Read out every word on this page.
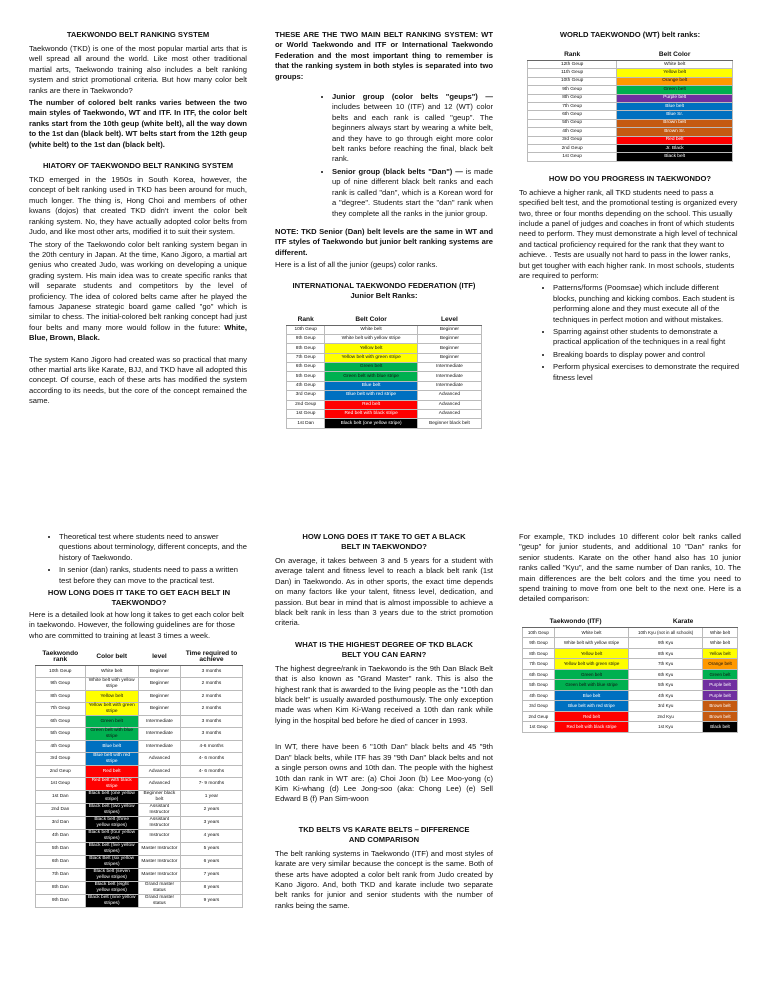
TAEKWONDO BELT RANKING SYSTEM

Taekwondo (TKD) is one of the most popular martial arts that is well spread all around the world. Like most other traditional martial arts, Taekwondo training also includes a belt ranking system and strict promotional criteria. But how many color belt ranks are there in Taekwondo?

The number of colored belt ranks varies between the two main styles of Taekwondo, WT and ITF. In ITF, the color belt ranks start from the 10th geup (white belt), all the way down to the 1st dan (black belt). WT belts start from the 12th geup (white belt) to the 1st dan (black belt).

HIATORY OF TAEKWONDO BELT RANKING SYSTEM

TKD emerged in the 1950s in South Korea, however, the concept of belt ranking used in TKD has been around for much, much longer. The thing is, Hong Choi and members of other kwans (dojos) that created TKD didn't invent the color belt ranking system. No, they have actually adopted color belts from Judo, and like most other arts, modified it to suit their system.

The story of the Taekwondo color belt ranking system began in the 20th century in Japan. At the time, Kano Jigoro, a martial art genius who created Judo, was working on developing a unique grading system. His main idea was to create specific ranks that will separate students and competitors by the level of proficiency. The idea of colored belts came after he played the famous Japanese strategic board game called "go" which is similar to chess. The initial-colored belt ranking concept had just four belts and many more would follow in the future: White, Blue, Brown, Black.

The system Kano Jigoro had created was so practical that many other martial arts like Karate, BJJ, and TKD have all adopted this concept. Of course, each of these arts has modified the system according to its needs, but the core of the concept remained the same.

THESE ARE THE TWO MAIN BELT RANKING SYSTEM: WT or World Taekwondo and ITF or International Taekwondo Federation and the most important thing to remember is that the ranking system in both styles is separated into two groups:

• Junior group (color belts "geups") — includes between 10 (ITF) and 12 (WT) color belts and each rank is called "geup". The beginners always start by wearing a white belt, and they have to go through eight more color belt ranks before reaching the final, black belt rank.
• Senior group (black belts "Dan") — is made up of nine different black belt ranks and each rank is called "dan", which is a Korean word for a "degree". Students start the "dan" rank when they complete all the ranks in the junior group.

NOTE: TKD Senior (Dan) belt levels are the same in WT and ITF styles of Taekwondo but junior belt ranking systems are different.

Here is a list of all the junior (geups) color ranks.

INTERNATIONAL TAEKWONDO FEDERATION (ITF) Junior Belt Ranks:
Rank	Belt Color	Level
10th Geup	White belt	Beginner
9th Geup	White belt with yellow stripe	Beginner
8th Geup	Yellow belt	Beginner
7th Geup	Yellow belt with green stripe	Beginner
6th Geup	Green belt	Intermediate
5th Geup	Green belt with blue stripe	Intermediate
4th Geup	Blue belt	Intermediate
3rd Geup	Blue belt with red stripe	Advanced
2nd Geup	Red belt	Advanced
1st Geup	Red belt with black stripe	Advanced
1st Dan	Black belt (one yellow stripe)	Beginner black belt
WORLD TAEKWONDO (WT) belt ranks:
Rank	Belt Color
12th Geup	White belt
11th Geup	Yellow belt
10th Geup	Orange belt
9th Geup	Green belt
8th Geup	Purple belt
7th Geup	Blue belt
6th Geup	Blue Sr.
5th Geup	Brown belt
4th Geup	Brown Sr.
3rd Geup	Red belt
2nd Geup	Jr. Black
1st Geup	Black belt
HOW DO YOU PROGRESS IN TAEKWONDO?

To achieve a higher rank, all TKD students need to pass a specified belt test, and the promotional testing is organized every two, three or four months depending on the school. This usually include a panel of judges and coaches in front of which students need to perform. They must demonstrate a high level of technical and tactical proficiency required for the rank that they want to achieve. . Tests are usually not hard to pass in the lower ranks, but get tougher with each higher rank. In most schools, students are required to perform:

• Patterns/forms (Poomsae) which include different blocks, punching and kicking combos. Each student is performing alone and they must execute all of the techniques in perfect motion and without mistakes.
• Sparring against other students to demonstrate a practical application of the techniques in a real fight
• Breaking boards to display power and control
• Perform physical exercises to demonstrate the required fitness level
• Theoretical test where students need to answer questions about terminology, different concepts, and the history of Taekwondo.
• In senior (dan) ranks, students need to pass a written test before they can move to the practical test.
HOW LONG DOES IT TAKE TO GET EACH BELT IN TAEKWONDO?

Here is a detailed look at how long it takes to get each color belt in taekwondo. However, the following guidelines are for those who are committed to training at least 3 times a week.

Taekwondo rank	Color belt	level	Time required to achieve
10th Geup	White belt	Beginner	3 months
9th Geup	White belt with yellow stripe	Beginner	2 months
8th Geup	Yellow belt	Beginner	2 months
7th Geup	Yellow belt with green stripe	Beginner	2 months
6th Geup	Green belt	Intermediate	3 months
5th Geup	Green belt with blue stripe	Intermediate	3 months
4th Geup	Blue belt	Intermediate	4-6 months
3rd Geup	Blue belt with red stripe	Advanced	4- 6 months
2nd Geup	Red belt	Advanced	4- 6 months
1st Geup	Red belt with black stripe	Advanced	7- 9 months
1st Dan	Black belt (one yellow stripe)	Beginner black belt	1 year
2nd Dan	Black belt (two yellow stripes)	Assistant Instructor	2 years
3rd Dan	Black belt (three yellow stripes)	Assistant Instructor	3 years
4th Dan	Black belt (four yellow stripes)	Instructor	4 years
5th Dan	Black belt (five yellow stripes)	Master Instructor	5 years
6th Dan	Black Belt (six yellow stripes)	Master Instructor	6 years
7th Dan	Black belt (seven yellow stripes)	Master Instructor	7 years
8th Dan	Black belt (eight yellow stripes)	Grand master status	8 years
9th Dan	Black belt (nine yellow stripes)	Grand master status	9 years
HOW LONG DOES IT TAKE TO GET A BLACK BELT IN TAEKWONDO?

On average, it takes between 3 and 5 years for a student with average talent and fitness level to reach a black belt rank (1st Dan) in Taekwondo. As in other sports, the exact time depends on many factors like your talent, fitness level, dedication, and passion. But bear in mind that is almost impossible to achieve a black belt rank in less than 3 years due to the strict promotion criteria.

WHAT IS THE HIGHEST DEGREE OF TKD BLACK BELT YOU CAN EARN?

The highest degree/rank in Taekwondo is the 9th Dan Black Belt that is also known as "Grand Master" rank. This is also the highest rank that is awarded to the living people as the "10th dan black belt" is usually awarded posthumously. The only exception made was when Kim Ki-Wang received a 10th dan rank while lying in the hospital bed before he died of cancer in 1993.

In WT, there have been 6 "10th Dan" black belts and 45 "9th Dan" black belts, while ITF has 39 "9th Dan" black belts and not a single person owns and 10th dan. The people with the highest 10th dan rank in WT are: (a) Choi Joon (b) Lee Moo-yong (c) Kim Ki-whang (d) Lee Jong-soo (aka: Chong Lee) (e) Sell Edward B (f) Pan Sim-woon

TKD BELTS VS KARATE BELTS – DIFFERENCE AND COMPARISON

The belt ranking systems in Taekwondo (ITF) and most styles of karate are very similar because the concept is the same. Both of these arts have adopted a color belt rank from Judo created by Kano Jigoro. And, both TKD and karate include two separate belt ranks for junior and senior students with the number of ranks being the same.

For example, TKD includes 10 different color belt ranks called "geup" for junior students, and additional 10 "Dan" ranks for senior students. Karate on the other hand also has 10 junior ranks called "Kyu", and the same number of Dan ranks, 10. The main differences are the belt colors and the time you need to spend training to move from one belt to the next one. Here is a detailed comparison:

Taekwondo (ITF)		Karate	
10th Geup	White belt	10th Kyu (not in all schools)	White belt
9th Geup	White belt with yellow stripe	9th Kyu	White belt
8th Geup	Yellow belt	8th Kyu	Yellow belt
7th Geup	Yellow belt with green stripe	7th Kyu	Orange belt
6th Geup	Green belt	6th Kyu	Green belt
5th Geup	Green belt with blue stripe	5th Kyu	Purple belt
4th Geup	Blue belt	4th Kyu	Purple belt
3rd Geup	Blue belt with red stripe	3rd Kyu	Brown belt
2nd Geup	Red belt	2nd Kyu	Brown belt
1st Geup	Red belt with black stripe	1st Kyu	Black belt
